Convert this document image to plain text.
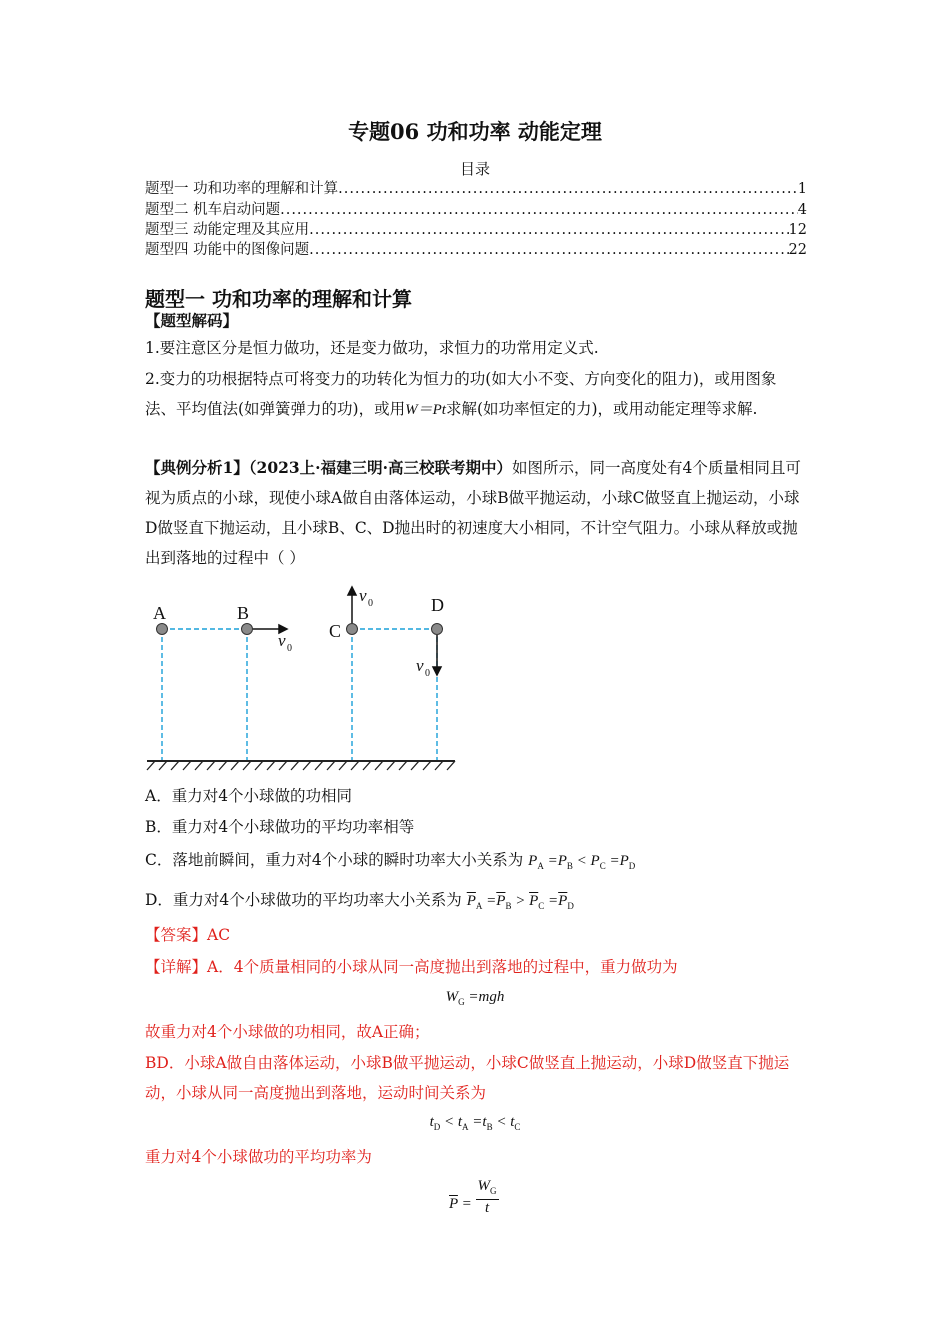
专题06 功和功率 动能定理
目录
题型一 功和功率的理解和计算 .....	1
题型二 机车启动问题 .....	4
题型三 动能定理及其应用 .....	12
题型四 功能中的图像问题 .....	22
题型一 功和功率的理解和计算
【题型解码】
1.要注意区分是恒力做功，还是变力做功，求恒力的功常用定义式.
2.变力的功根据特点可将变力的功转化为恒力的功(如大小不变、方向变化的阻力)，或用图象法、平均值法(如弹簧弹力的功)，或用W＝Pt求解(如功率恒定的力)，或用动能定理等求解.
【典例分析1】（2023上·福建三明·高三校联考期中）如图所示，同一高度处有4个质量相同且可视为质点的小球，现使小球A做自由落体运动，小球B做平抛运动，小球C做竖直上抛运动，小球D做竖直下抛运动，且小球B、C、D抛出时的初速度大小相同，不计空气阻力。小球从释放或抛出到落地的过程中（ ）
A	B
C
D
v 0
v 0
v 0
A．重力对4个小球做的功相同
B．重力对4个小球做功的平均功率相等
C．落地前瞬间，重力对4个小球的瞬时功率大小关系为 $P_A =P_B < P_C =P_D$
D．重力对4个小球做功的平均功率大小关系为 $\overline{P}_A =\overline{P}_B > \overline{P}_C =\overline{P}_D$
【答案】AC
【详解】A．4个质量相同的小球从同一高度抛出到落地的过程中，重力做功为
$W_G =mgh$
故重力对4个小球做的功相同，故A正确；
BD．小球A做自由落体运动，小球B做平抛运动，小球C做竖直上抛运动，小球D做竖直下抛运动，小球从同一高度抛出到落地，运动时间关系为
$t_D < t_A =t_B < t_C$
重力对4个小球做功的平均功率为
$\overline{P} = \frac{W_G}{t}$
